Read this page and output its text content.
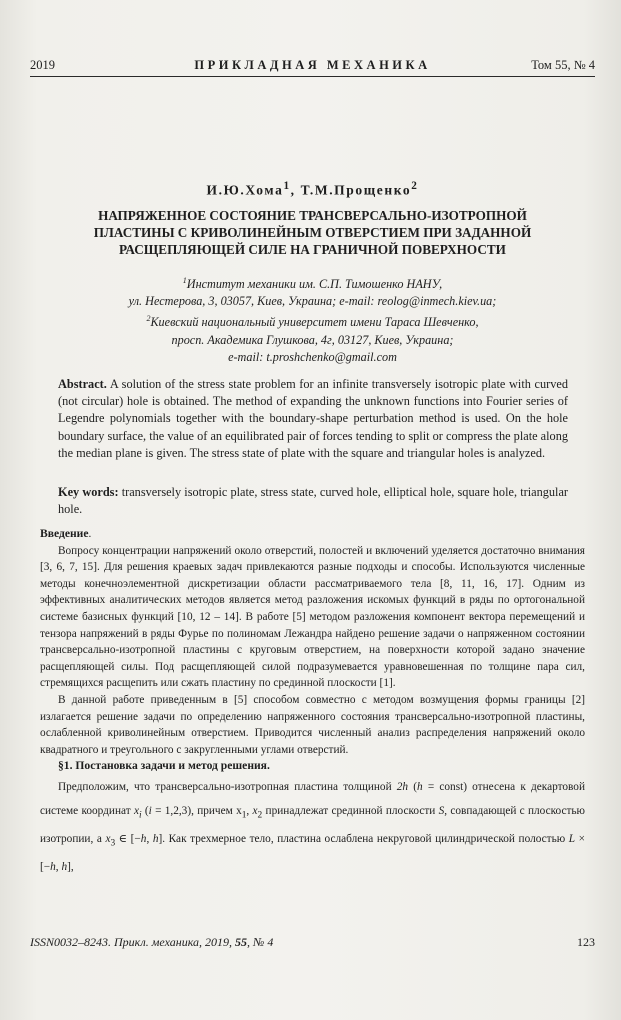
2019	ПРИКЛАДНАЯ МЕХАНИКА	Том 55, № 4
И.Ю.Хома$^1$, Т.М.Прощенко$^2$
НАПРЯЖЕННОЕ СОСТОЯНИЕ ТРАНСВЕРСАЛЬНО-ИЗОТРОПНОЙ
ПЛАСТИНЫ С КРИВОЛИНЕЙНЫМ ОТВЕРСТИЕМ ПРИ ЗАДАННОЙ
РАСЩЕПЛЯЮЩЕЙ СИЛЕ НА ГРАНИЧНОЙ ПОВЕРХНОСТИ
$^1$Институт механики им. С.П. Тимошенко НАНУ,
ул. Нестерова, 3, 03057, Киев, Украина; e-mail: reolog@inmech.kiev.ua;
$^2$Киевский национальный университет имени Тараса Шевченко,
просп. Академика Глушкова, 4г, 03127, Киев, Украина;
e-mail: t.proshchenko@gmail.com
Abstract. A solution of the stress state problem for an infinite transversely isotropic plate with curved (not circular) hole is obtained. The method of expanding the unknown functions into Fourier series of Legendre polynomials together with the boundary-shape perturbation method is used. On the hole boundary surface, the value of an equilibrated pair of forces tending to split or compress the plate along the median plane is given. The stress state of plate with the square and triangular holes is analyzed.
Key words: transversely isotropic plate, stress state, curved hole, elliptical hole, square hole, triangular hole.

Введение.

Вопросу концентрации напряжений около отверстий, полостей и включений уделяется достаточно внимания [3, 6, 7, 15]. Для решения краевых задач привлекаются разные подходы и способы. Используются численные методы конечноэлементной дискретизации области рассматриваемого тела [8, 11, 16, 17]. Одним из эффективных аналитических методов является метод разложения искомых функций в ряды по ортогональной системе базисных функций [10, 12 – 14]. В работе [5] методом разложения компонент вектора перемещений и тензора напряжений в ряды Фурье по полиномам Лежандра найдено решение задачи о напряженном состоянии трансверсально-изотропной пластины с круговым отверстием, на поверхности которой задано значение расщепляющей силы. Под расщепляющей силой подразумевается уравновешенная по толщине пара сил, стремящихся расщепить или сжать пластину по срединной плоскости [1].

В данной работе приведенным в [5] способом совместно с методом возмущения формы границы [2] излагается решение задачи по определению напряженного состояния трансверсально-изотропной пластины, ослабленной криволинейным отверстием. Приводится численный анализ распределения напряжений около квадратного и треугольного с закругленными углами отверстий.

§1. Постановка задачи и метод решения.

Предположим, что трансверсально-изотропная пластина толщиной 2h (h = const) отнесена к декартовой системе координат $x_i$ (i = 1,2,3), причем $x_1$, $x_2$ принадлежат срединной плоскости S, совпадающей с плоскостью изотропии, а $x_3$ ∈ [−h, h]. Как трехмерное тело, пластина ослаблена некруговой цилиндрической полостью L × [−h, h],

ISSN0032–8243. Прикл. механика, 2019, 55, № 4	123
